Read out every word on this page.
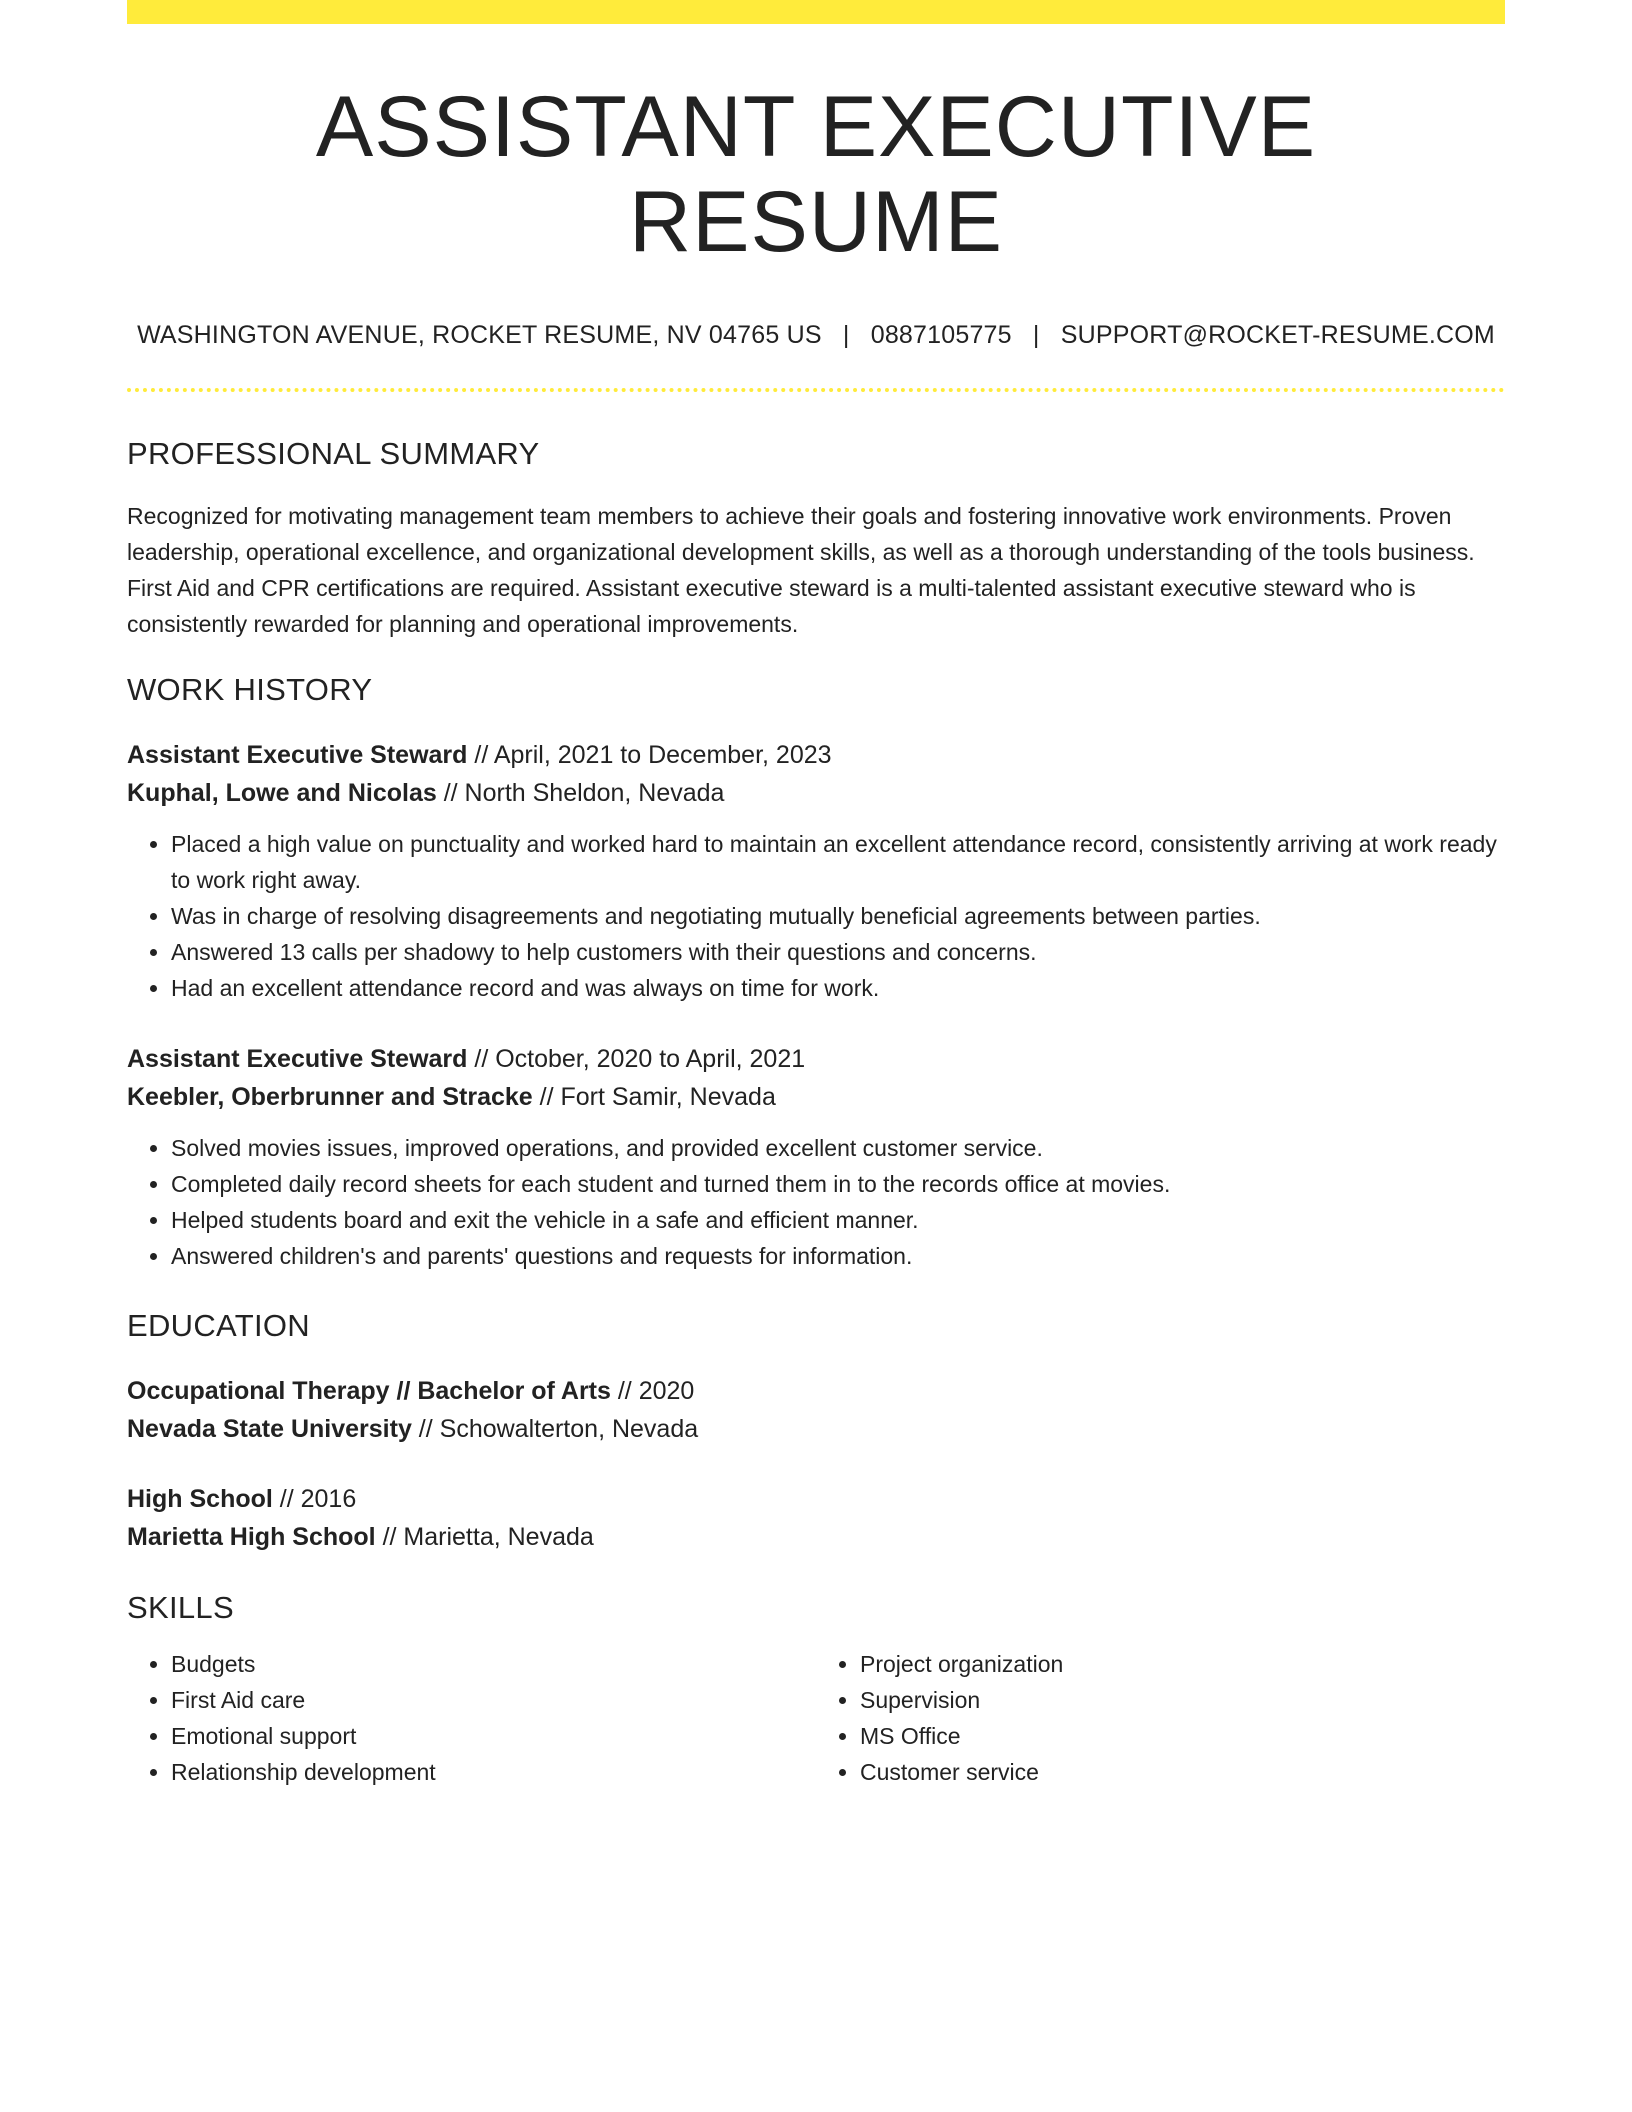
ASSISTANT EXECUTIVE RESUME
WASHINGTON AVENUE, ROCKET RESUME, NV 04765 US | 0887105775 | SUPPORT@ROCKET-RESUME.COM
PROFESSIONAL SUMMARY

Recognized for motivating management team members to achieve their goals and fostering innovative work environments. Proven leadership, operational excellence, and organizational development skills, as well as a thorough understanding of the tools business. First Aid and CPR certifications are required. Assistant executive steward is a multi-talented assistant executive steward who is consistently rewarded for planning and operational improvements.

WORK HISTORY
Assistant Executive Steward // April, 2021 to December, 2023
Kuphal, Lowe and Nicolas // North Sheldon, Nevada
• Placed a high value on punctuality and worked hard to maintain an excellent attendance record, consistently arriving at work ready to work right away.
• Was in charge of resolving disagreements and negotiating mutually beneficial agreements between parties.
• Answered 13 calls per shadowy to help customers with their questions and concerns.
• Had an excellent attendance record and was always on time for work.
Assistant Executive Steward // October, 2020 to April, 2021
Keebler, Oberbrunner and Stracke // Fort Samir, Nevada
• Solved movies issues, improved operations, and provided excellent customer service.
• Completed daily record sheets for each student and turned them in to the records office at movies.
• Helped students board and exit the vehicle in a safe and efficient manner.
• Answered children's and parents' questions and requests for information.
EDUCATION
Occupational Therapy // Bachelor of Arts // 2020
Nevada State University // Schowalterton, Nevada
High School // 2016
Marietta High School // Marietta, Nevada
SKILLS
• Budgets
• First Aid care
• Emotional support
• Relationship development
• Project organization
• Supervision
• MS Office
• Customer service
